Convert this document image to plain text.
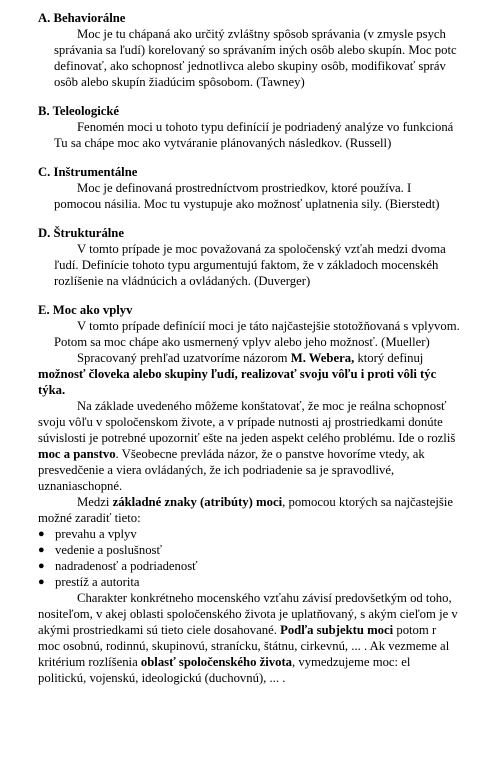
A. Behaviorálne
Moc je tu chápaná ako určitý zvláštny spôsob správania (v zmysle psych
správania sa ľudí) korelovaný so správaním iných osôb alebo skupín. Moc potc
definovať, ako schopnosť jednotlivca alebo skupiny osôb, modifikovať správ
osôb alebo skupín žiadúcim spôsobom. (Tawney)
B. Teleologické
Fenomén moci u tohoto typu definícií je podriadený analýze vo funkcioná
Tu sa chápe moc ako vytváranie plánovaných následkov. (Russell)
C. Inštrumentálne
Moc je definovaná prostredníctvom prostriedkov, ktoré používa. I
pomocou násilia. Moc tu vystupuje ako možnosť uplatnenia sily. (Bierstedt)
D. Štrukturálne
V tomto prípade je moc považovaná za spoločenský vzťah medzi dvoma
ľudí. Definície tohoto typu argumentujú faktom, že v základoch mocenskéh
rozlíšenie na vládnúcich a ovládaných. (Duverger)
E. Moc ako vplyv
V tomto prípade definícií moci je táto najčastejšie stotožňovaná s vplyvom.
Potom sa moc chápe ako usmernený vplyv alebo jeho možnosť. (Mueller)
Spracovaný prehľad uzatvoríme názorom M. Webera, ktorý definuj
možnosť človeka alebo skupiny ľudí, realizovať svoju vôľu i proti vôli týc
týka.
Na základe uvedeného môžeme konštatovať, že moc je reálna schopnosť
svoju vôľu v spoločenskom živote, a v prípade nutnosti aj prostriedkami donúte
súvislosti je potrebné upozorniť ešte na jeden aspekt celého problému. Ide o rozliš
moc a panstvo. Všeobecne prevláda názor, že o panstve hovoríme vtedy, ak
presvedčenie a viera ovládaných, že ich podriadenie sa je spravodlivé,
uznaniaschopné.
Medzi základné znaky (atribúty) moci, pomocou ktorých sa najčastejšie
možné zaradiť tieto:
● prevahu a vplyv
● vedenie a poslušnosť
● nadradenosť a podriadenosť
● prestíž a autorita
Charakter konkrétneho mocenského vzťahu závisí predovšetkým od toho,
nositeľom, v akej oblasti spoločenského života je uplatňovaný, s akým cieľom je v
akými prostriedkami sú tieto ciele dosahované. Podľa subjektu moci potom r
moc osobnú, rodinnú, skupinovú, stranícku, štátnu, cirkevnú, ... . Ak vezmeme al
kritérium rozlíšenia oblasť spoločenského života, vymedzujeme moc: el
politickú, vojenskú, ideologickú (duchovnú), ... .
